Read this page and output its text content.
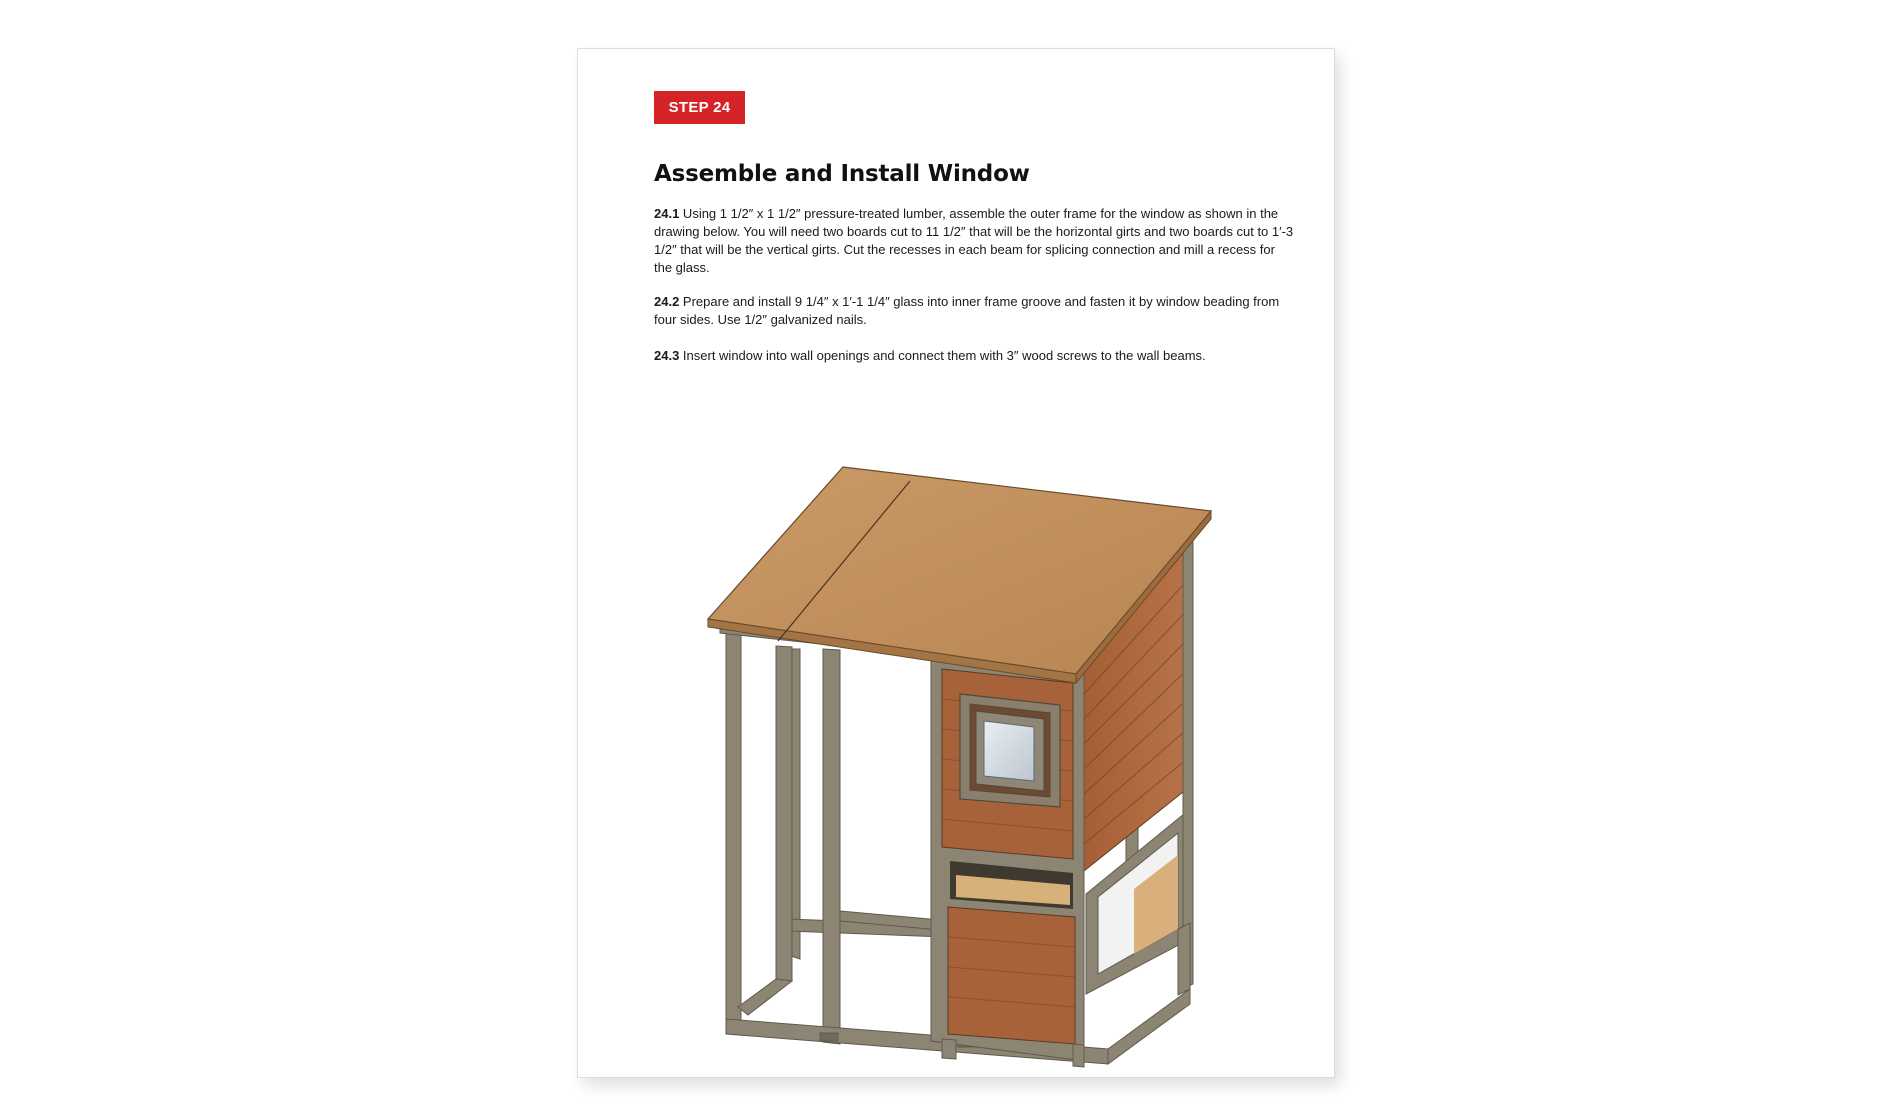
STEP 24
Assemble and Install Window

24.1 Using 1 1/2″ x 1 1/2″ pressure-treated lumber, assemble the outer frame for the window as shown in the drawing below. You will need two boards cut to 11 1/2″ that will be the horizontal girts and two boards cut to 1′-3 1/2″ that will be the vertical girts. Cut the recesses in each beam for splicing connection and mill a recess for the glass.

24.2 Prepare and install 9 1/4″ x 1′-1 1/4″ glass into inner frame groove and fasten it by window beading from four sides. Use 1/2″ galvanized nails.

24.3 Insert window into wall openings and connect them with 3″ wood screws to the wall beams.
